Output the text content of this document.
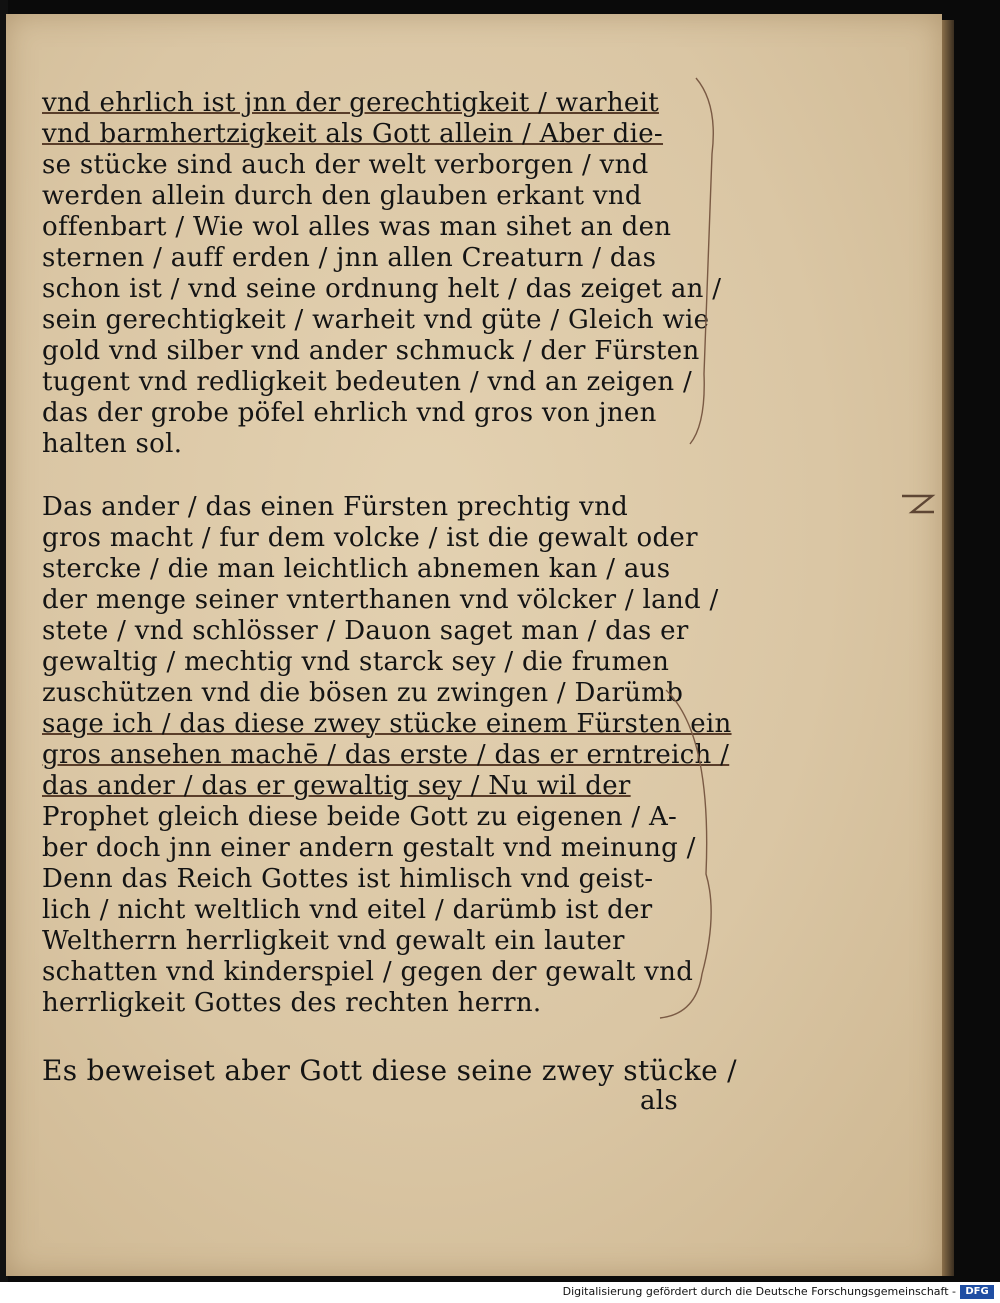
vnd ehrlich ist jnn der gerechtigkeit / warheit
vnd barmhertzigkeit als Gott allein / Aber die-
se stücke sind auch der welt verborgen / vnd
werden allein durch den glauben erkant vnd
offenbart / Wie wol alles was man sihet an den
sternen / auff erden / jnn allen Creaturn / das
schon ist / vnd seine ordnung helt / das zeiget an /
sein gerechtigkeit / warheit vnd güte / Gleich wie
gold vnd silber vnd ander schmuck / der Fürsten
tugent vnd redligkeit bedeuten / vnd an zeigen /
das der grobe pöfel ehrlich vnd gros von jnen
halten sol.
Das ander / das einen Fürsten prechtig vnd
gros macht / fur dem volcke / ist die gewalt oder
stercke / die man leichtlich abnemen kan / aus
der menge seiner vnterthanen vnd völcker / land /
stete / vnd schlösser / Dauon saget man / das er
gewaltig / mechtig vnd starck sey / die frumen
zuschützen vnd die bösen zu zwingen / Darümb
sage ich / das diese zwey stücke einem Fürsten ein
gros ansehen machē / das erste / das er erntreich /
das ander / das er gewaltig sey / Nu wil der
Prophet gleich diese beide Gott zu eigenen / A-
ber doch jnn einer andern gestalt vnd meinung /
Denn das Reich Gottes ist himlisch vnd geist-
lich / nicht weltlich vnd eitel / darümb ist der
Weltherrn herrligkeit vnd gewalt ein lauter
schatten vnd kinderspiel / gegen der gewalt vnd
herrligkeit Gottes des rechten herrn.
Es beweiset aber Gott diese seine zwey stücke /
als
Digitalisierung gefördert durch die Deutsche Forschungsgemeinschaft - DFG
